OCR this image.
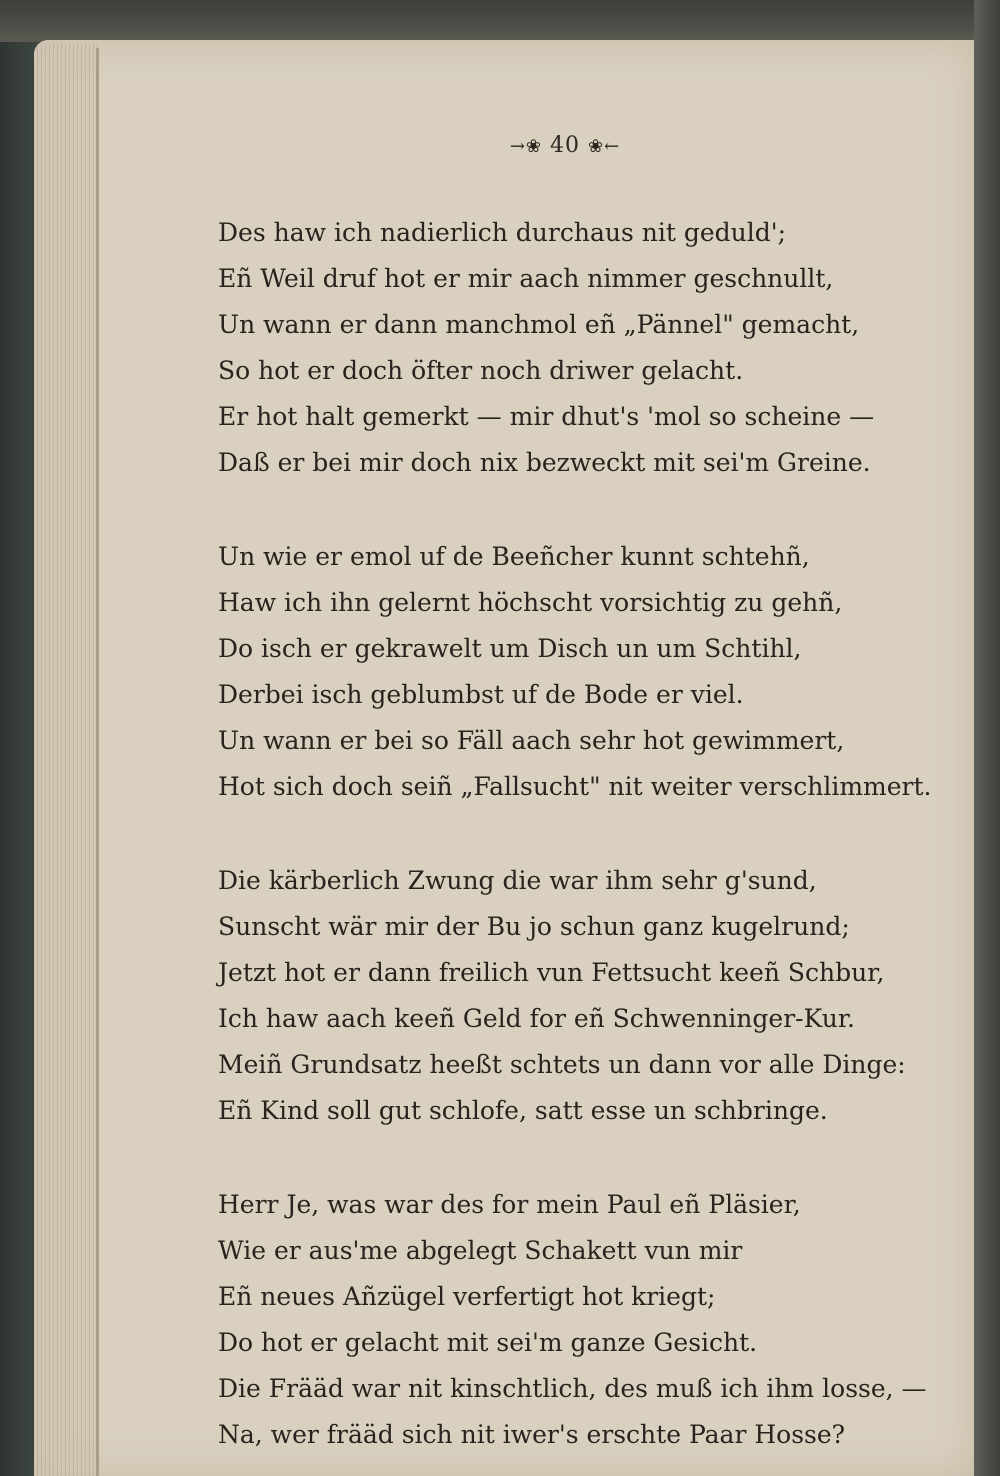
→❀ 40 ❀←
Des haw ich nadierlich durchaus nit geduld';
Eñ Weil druf hot er mir aach nimmer geschnullt,
Un wann er dann manchmol eñ „Pännel" gemacht,
So hot er doch öfter noch driwer gelacht.
Er hot halt gemerkt — mir dhut's 'mol so scheine —
Daß er bei mir doch nix bezweckt mit sei'm Greine.
Un wie er emol uf de Beeñcher kunnt schtehñ,
Haw ich ihn gelernt höchscht vorsichtig zu gehñ,
Do isch er gekrawelt um Disch un um Schtihl,
Derbei isch geblumbst uf de Bode er viel.
Un wann er bei so Fäll aach sehr hot gewimmert,
Hot sich doch seiñ „Fallsucht" nit weiter verschlimmert.
Die kärberlich Zwung die war ihm sehr g'sund,
Sunscht wär mir der Bu jo schun ganz kugelrund;
Jetzt hot er dann freilich vun Fettsucht keeñ Schbur,
Ich haw aach keeñ Geld for eñ Schwenninger-Kur.
Meiñ Grundsatz heeßt schtets un dann vor alle Dinge:
Eñ Kind soll gut schlofe, satt esse un schbringe.
Herr Je, was war des for mein Paul eñ Pläsier,
Wie er aus'me abgelegt Schakett vun mir
Eñ neues Añzügel verfertigt hot kriegt;
Do hot er gelacht mit sei'm ganze Gesicht.
Die Frääd war nit kinschtlich, des muß ich ihm losse, —
Na, wer frääd sich nit iwer's erschte Paar Hosse?
